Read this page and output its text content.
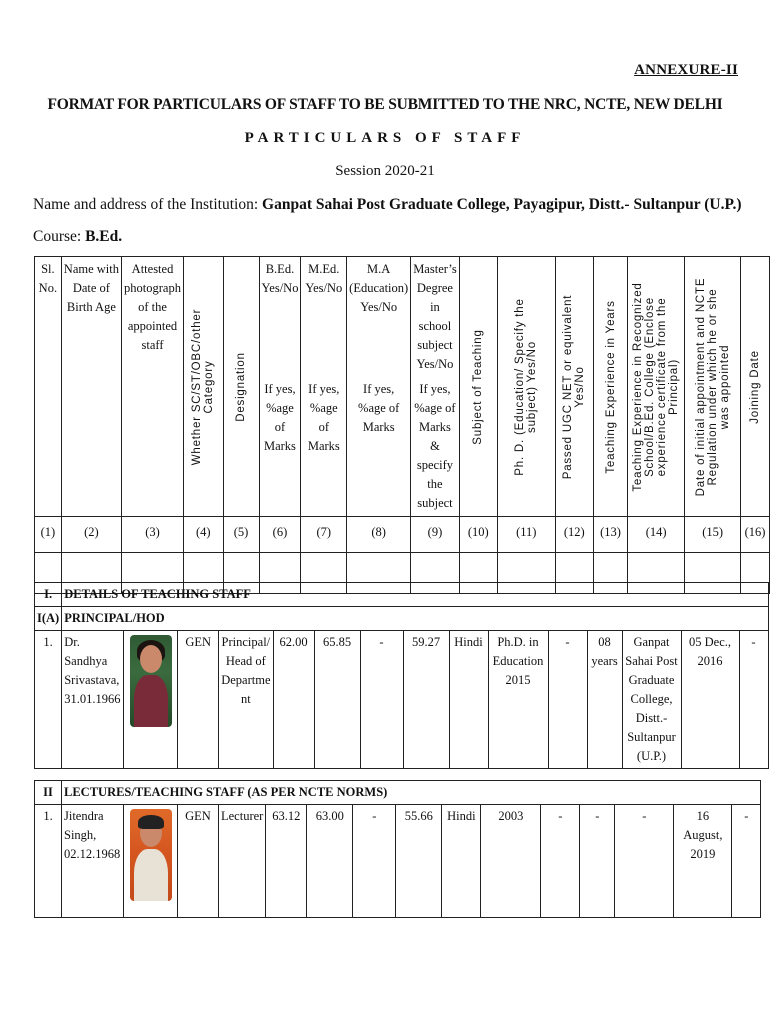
ANNEXURE-II
FORMAT FOR PARTICULARS OF STAFF TO BE SUBMITTED TO THE NRC, NCTE, NEW DELHI
PARTICULARS OF STAFF
Session 2020-21
Name and address of the Institution: Ganpat Sahai Post Graduate College, Payagipur, Distt.- Sultanpur (U.P.)
Course: B.Ed.
Sl. No.	Name with Date of Birth Age	Attested photograph of the appointed staff	Whether SC/ST/OBC/other Category	Designation	B.Ed. Yes/No	M.Ed. Yes/No	M.A (Education) Yes/No	Master’s Degree in school subject Yes/No	Subject of Teaching	Ph. D. (Education/ Specify the subject) Yes/No	Passed UGC NET or equivalent Yes/No	Teaching Experience in Years	Teaching Experience in Recognized School/B.Ed. College (Enclose experience certificate from the Principal)	Date of initial appointment and NCTE Regulation under which he or she was appointed	Joining Date

					If yes, %age of Marks	If yes, %age of Marks	If yes, %age of Marks	If yes, %age of Marks & specify the subject							
(1)	(2)	(3)	(4)	(5)	(6)	(7)	(8)	(9)	(10)	(11)	(12)	(13)	(14)	(15)	(16)

I.	DETAILS OF TEACHING STAFF														
I(A)	PRINCIPAL/HOD														
1.	Dr. Sandhya Srivastava, 31.01.1966		GEN	Principal/ Head of Departme nt	62.00	65.85	-	59.27	Hindi	Ph.D. in Education 2015	-	08 years	Ganpat Sahai Post Graduate College, Distt.- Sultanpur (U.P.)	05 Dec., 2016	-
II	LECTURES/TEACHING STAFF (AS PER NCTE NORMS)														
1.	Jitendra Singh, 02.12.1968		GEN	Lecturer	63.12	63.00	-	55.66	Hindi	2003	-	-	-	16 August, 2019	-
